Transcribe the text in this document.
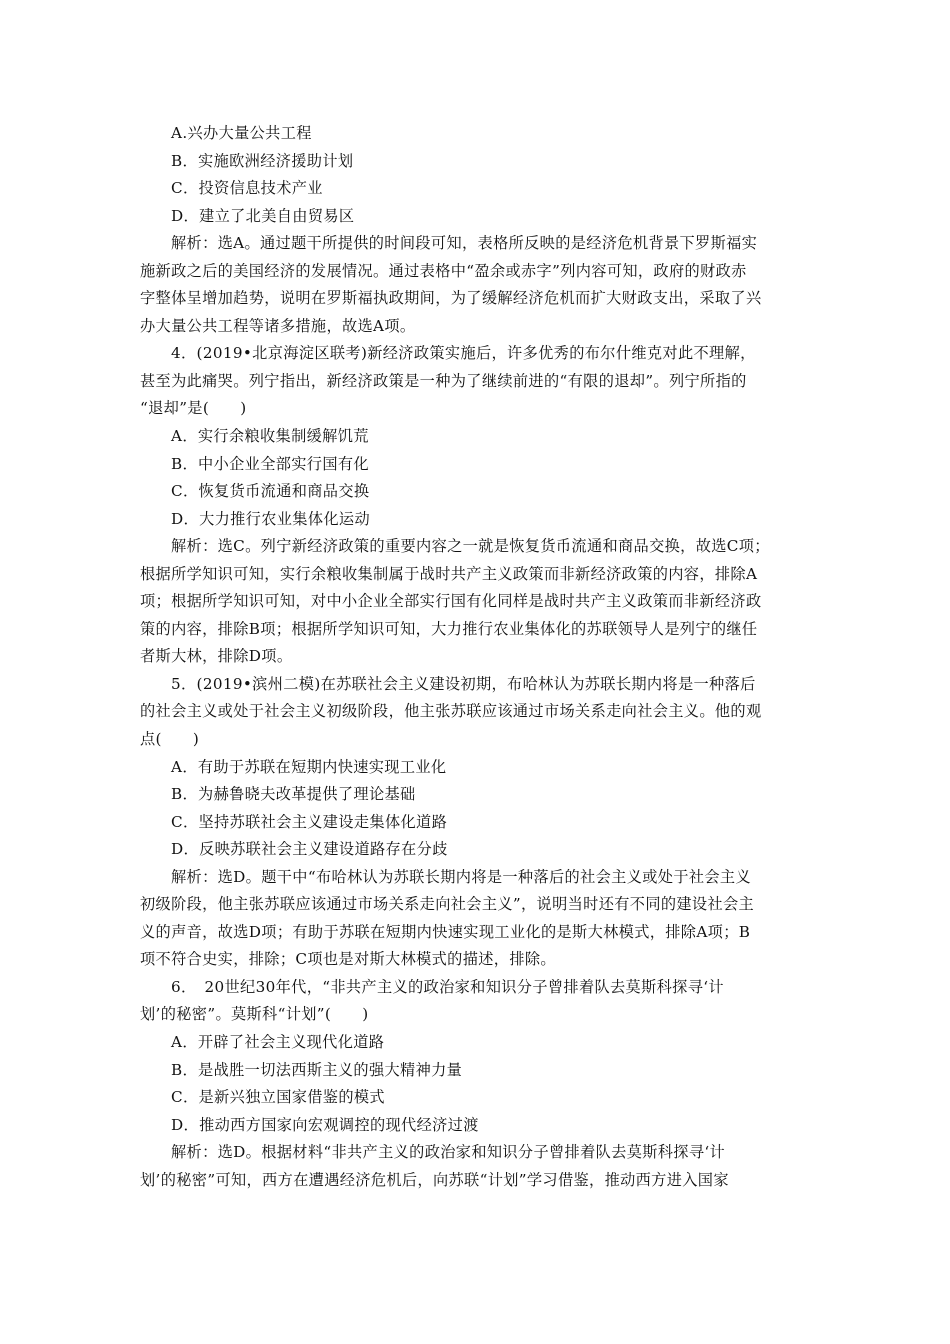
A.兴办大量公共工程
B．实施欧洲经济援助计划
C．投资信息技术产业
D．建立了北美自由贸易区
解析：选A。通过题干所提供的时间段可知，表格所反映的是经济危机背景下罗斯福实
施新政之后的美国经济的发展情况。通过表格中“盈余或赤字”列内容可知，政府的财政赤
字整体呈增加趋势，说明在罗斯福执政期间，为了缓解经济危机而扩大财政支出，采取了兴
办大量公共工程等诸多措施，故选A项。
4．(2019•北京海淀区联考)新经济政策实施后，许多优秀的布尔什维克对此不理解，
甚至为此痛哭。列宁指出，新经济政策是一种为了继续前进的“有限的退却”。列宁所指的
“退却”是(　　)
A．实行余粮收集制缓解饥荒
B．中小企业全部实行国有化
C．恢复货币流通和商品交换
D．大力推行农业集体化运动
解析：选C。列宁新经济政策的重要内容之一就是恢复货币流通和商品交换，故选C项；
根据所学知识可知，实行余粮收集制属于战时共产主义政策而非新经济政策的内容，排除A
项；根据所学知识可知，对中小企业全部实行国有化同样是战时共产主义政策而非新经济政
策的内容，排除B项；根据所学知识可知，大力推行农业集体化的苏联领导人是列宁的继任
者斯大林，排除D项。
5．(2019•滨州二模)在苏联社会主义建设初期，布哈林认为苏联长期内将是一种落后
的社会主义或处于社会主义初级阶段，他主张苏联应该通过市场关系走向社会主义。他的观
点(　　)
A．有助于苏联在短期内快速实现工业化
B．为赫鲁晓夫改革提供了理论基础
C．坚持苏联社会主义建设走集体化道路
D．反映苏联社会主义建设道路存在分歧
解析：选D。题干中“布哈林认为苏联长期内将是一种落后的社会主义或处于社会主义
初级阶段，他主张苏联应该通过市场关系走向社会主义”，说明当时还有不同的建设社会主
义的声音，故选D项；有助于苏联在短期内快速实现工业化的是斯大林模式，排除A项；B
项不符合史实，排除；C项也是对斯大林模式的描述，排除。
6．　20世纪30年代，“非共产主义的政治家和知识分子曾排着队去莫斯科探寻‘计
划’的秘密”。莫斯科“计划”(　　)
A．开辟了社会主义现代化道路
B．是战胜一切法西斯主义的强大精神力量
C．是新兴独立国家借鉴的模式
D．推动西方国家向宏观调控的现代经济过渡
解析：选D。根据材料“非共产主义的政治家和知识分子曾排着队去莫斯科探寻‘计
划’的秘密”可知，西方在遭遇经济危机后，向苏联“计划”学习借鉴，推动西方进入国家
